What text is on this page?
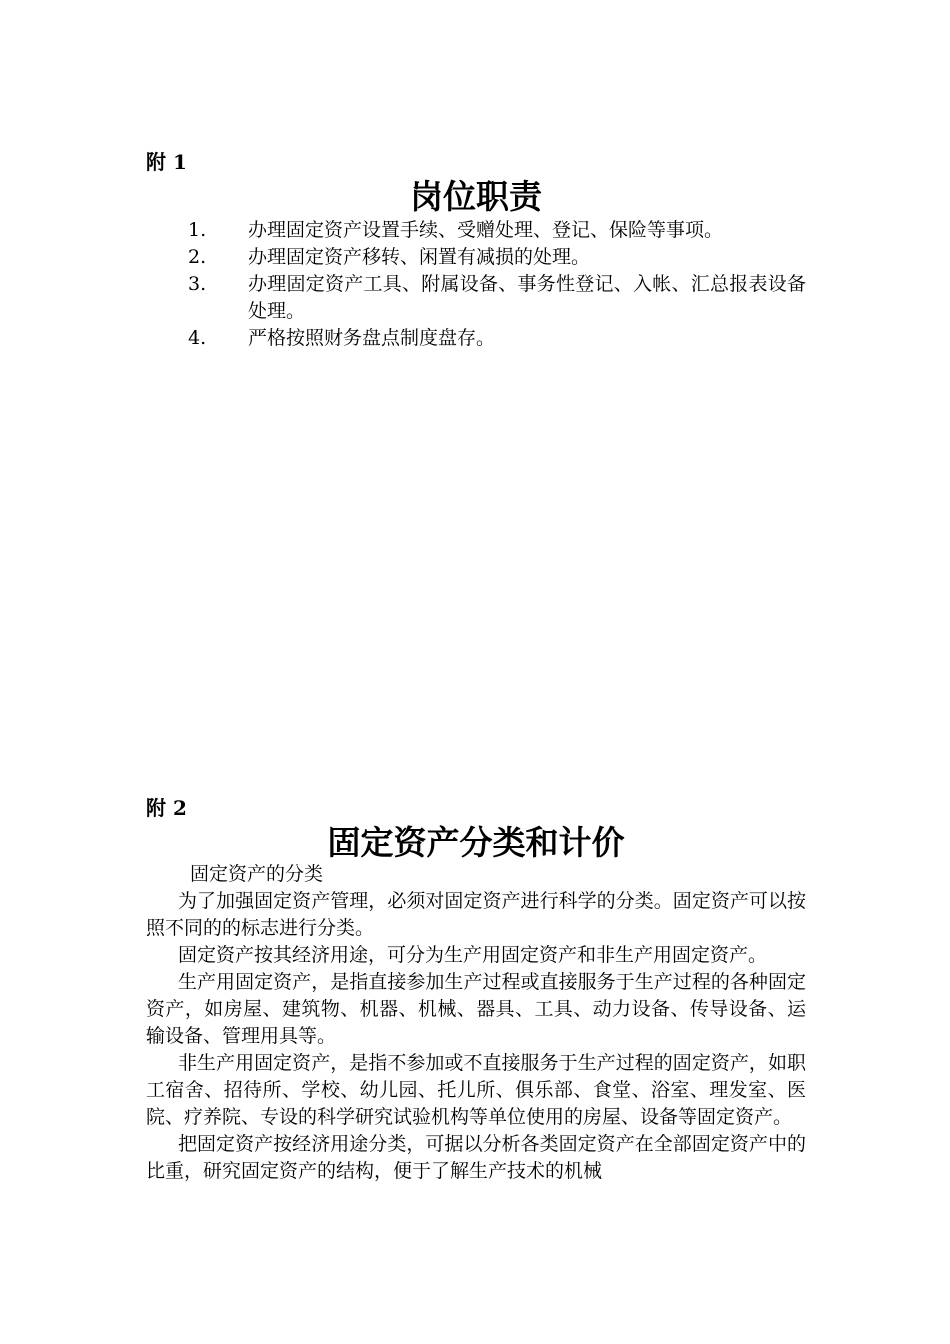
附 1
岗位职责
1.	办理固定资产设置手续、受赠处理、登记、保险等事项。
2.	办理固定资产移转、闲置有减损的处理。
3.	办理固定资产工具、附属设备、事务性登记、入帐、汇总报表设备处理。
4.	严格按照财务盘点制度盘存。
附 2
固定资产分类和计价
固定资产的分类

为了加强固定资产管理，必须对固定资产进行科学的分类。固定资产可以按照不同的的标志进行分类。

固定资产按其经济用途，可分为生产用固定资产和非生产用固定资产。

生产用固定资产，是指直接参加生产过程或直接服务于生产过程的各种固定资产，如房屋、建筑物、机器、机械、器具、工具、动力设备、传导设备、运输设备、管理用具等。

非生产用固定资产，是指不参加或不直接服务于生产过程的固定资产，如职工宿舍、招待所、学校、幼儿园、托儿所、俱乐部、食堂、浴室、理发室、医院、疗养院、专设的科学研究试验机构等单位使用的房屋、设备等固定资产。

把固定资产按经济用途分类，可据以分析各类固定资产在全部固定资产中的比重，研究固定资产的结构，便于了解生产技术的机械
